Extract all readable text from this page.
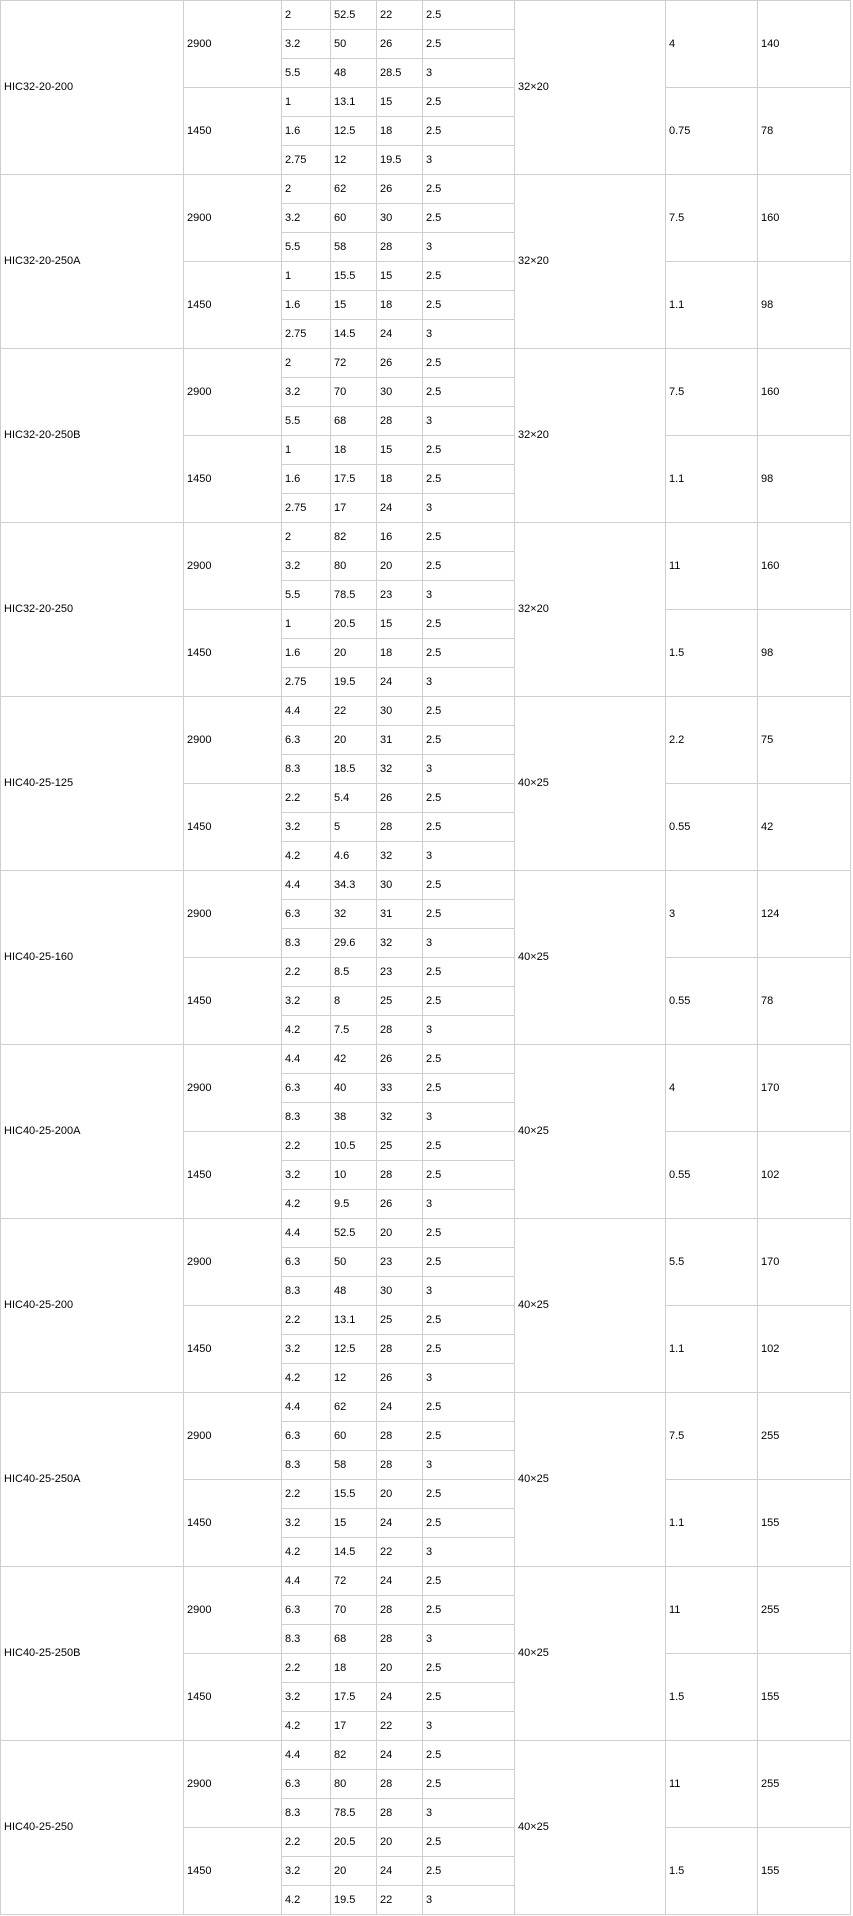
HIC32-20-200	2900	2	52.5	22	2.5	32×20	4	140
		3.2	50	26	2.5			
		5.5	48	28.5	3			
	1450	1	13.1	15	2.5		0.75	78
		1.6	12.5	18	2.5			
		2.75	12	19.5	3			
HIC32-20-250A	2900	2	62	26	2.5	32×20	7.5	160
		3.2	60	30	2.5			
		5.5	58	28	3			
	1450	1	15.5	15	2.5		1.1	98
		1.6	15	18	2.5			
		2.75	14.5	24	3			
HIC32-20-250B	2900	2	72	26	2.5	32×20	7.5	160
		3.2	70	30	2.5			
		5.5	68	28	3			
	1450	1	18	15	2.5		1.1	98
		1.6	17.5	18	2.5			
		2.75	17	24	3			
HIC32-20-250	2900	2	82	16	2.5	32×20	11	160
		3.2	80	20	2.5			
		5.5	78.5	23	3			
	1450	1	20.5	15	2.5		1.5	98
		1.6	20	18	2.5			
		2.75	19.5	24	3			
HIC40-25-125	2900	4.4	22	30	2.5	40×25	2.2	75
		6.3	20	31	2.5			
		8.3	18.5	32	3			
	1450	2.2	5.4	26	2.5		0.55	42
		3.2	5	28	2.5			
		4.2	4.6	32	3			
HIC40-25-160	2900	4.4	34.3	30	2.5	40×25	3	124
		6.3	32	31	2.5			
		8.3	29.6	32	3			
	1450	2.2	8.5	23	2.5		0.55	78
		3.2	8	25	2.5			
		4.2	7.5	28	3			
HIC40-25-200A	2900	4.4	42	26	2.5	40×25	4	170
		6.3	40	33	2.5			
		8.3	38	32	3			
	1450	2.2	10.5	25	2.5		0.55	102
		3.2	10	28	2.5			
		4.2	9.5	26	3			
HIC40-25-200	2900	4.4	52.5	20	2.5	40×25	5.5	170
		6.3	50	23	2.5			
		8.3	48	30	3			
	1450	2.2	13.1	25	2.5		1.1	102
		3.2	12.5	28	2.5			
		4.2	12	26	3			
HIC40-25-250A	2900	4.4	62	24	2.5	40×25	7.5	255
		6.3	60	28	2.5			
		8.3	58	28	3			
	1450	2.2	15.5	20	2.5		1.1	155
		3.2	15	24	2.5			
		4.2	14.5	22	3			
HIC40-25-250B	2900	4.4	72	24	2.5	40×25	11	255
		6.3	70	28	2.5			
		8.3	68	28	3			
	1450	2.2	18	20	2.5		1.5	155
		3.2	17.5	24	2.5			
		4.2	17	22	3			
HIC40-25-250	2900	4.4	82	24	2.5	40×25	11	255
		6.3	80	28	2.5			
		8.3	78.5	28	3			
	1450	2.2	20.5	20	2.5		1.5	155
		3.2	20	24	2.5			
		4.2	19.5	22	3			
